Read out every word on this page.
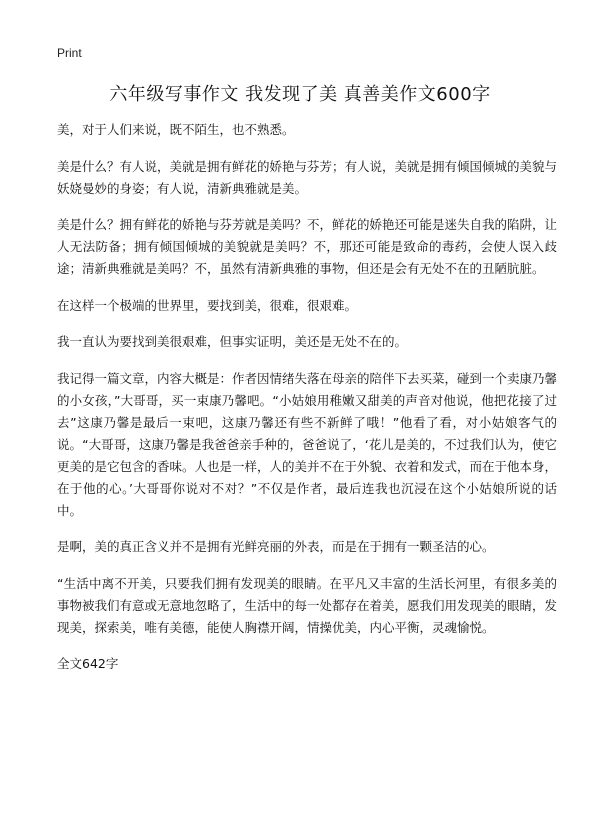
Print
六年级写事作文 我发现了美 真善美作文600字

美，对于人们来说，既不陌生，也不熟悉。

美是什么？有人说，美就是拥有鲜花的娇艳与芬芳；有人说，美就是拥有倾国倾城的美貌与妖娆曼妙的身姿；有人说，清新典雅就是美。

美是什么？拥有鲜花的娇艳与芬芳就是美吗？不，鲜花的娇艳还可能是迷失自我的陷阱，让人无法防备；拥有倾国倾城的美貌就是美吗？不，那还可能是致命的毒药，会使人误入歧途；清新典雅就是美吗？不，虽然有清新典雅的事物，但还是会有无处不在的丑陋肮脏。

在这样一个极端的世界里，要找到美，很难，很艰难。

我一直认为要找到美很艰难，但事实证明，美还是无处不在的。

我记得一篇文章，内容大概是：作者因情绪失落在母亲的陪伴下去买菜，碰到一个卖康乃馨的小女孩，”大哥哥，买一束康乃馨吧。“小姑娘用稚嫩又甜美的声音对他说，他把花接了过去”这康乃馨是最后一束吧，这康乃馨还有些不新鲜了哦！”他看了看，对小姑娘客气的说。“大哥哥，这康乃馨是我爸爸亲手种的，爸爸说了，‘花儿是美的，不过我们认为，使它更美的是它包含的香味。人也是一样，人的美并不在于外貌、衣着和发式，而在于他本身，在于他的心。’大哥哥你说对不对？”不仅是作者，最后连我也沉浸在这个小姑娘所说的话中。

是啊，美的真正含义并不是拥有光鲜亮丽的外表，而是在于拥有一颗圣洁的心。

“生活中离不开美，只要我们拥有发现美的眼睛。在平凡又丰富的生活长河里，有很多美的事物被我们有意或无意地忽略了，生活中的每一处都存在着美，愿我们用发现美的眼睛，发现美，探索美，唯有美德，能使人胸襟开阔，情操优美，内心平衡，灵魂愉悦。

全文642字
